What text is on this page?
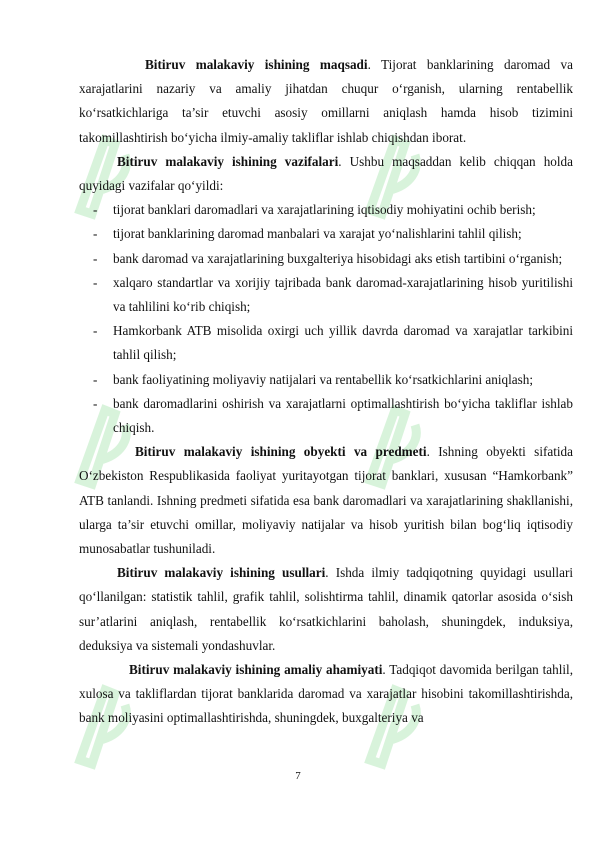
Bitiruv malakaviy ishining maqsadi. Tijorat banklarining daromad va xarajatlarini nazariy va amaliy jihatdan chuqur o‘rganish, ularning rentabellik ko‘rsatkichlariga ta’sir etuvchi asosiy omillarni aniqlash hamda hisob tizimini takomillashtirish bo‘yicha ilmiy-amaliy takliflar ishlab chiqishdan iborat.

Bitiruv malakaviy ishining vazifalari. Ushbu maqsaddan kelib chiqqan holda quyidagi vazifalar qo‘yildi:

- tijorat banklari daromadlari va xarajatlarining iqtisodiy mohiyatini ochib berish;
- tijorat banklarining daromad manbalari va xarajat yo‘nalishlarini tahlil qilish;
- bank daromad va xarajatlarining buxgalteriya hisobidagi aks etish tartibini o‘rganish;
- xalqaro standartlar va xorijiy tajribada bank daromad-xarajatlarining hisob yuritilishi va tahlilini ko‘rib chiqish;
- Hamkorbank ATB misolida oxirgi uch yillik davrda daromad va xarajatlar tarkibini tahlil qilish;
- bank faoliyatining moliyaviy natijalari va rentabellik ko‘rsatkichlarini aniqlash;
- bank daromadlarini oshirish va xarajatlarni optimallashtirish bo‘yicha takliflar ishlab chiqish.

Bitiruv malakaviy ishining obyekti va predmeti. Ishning obyekti sifatida O‘zbekiston Respublikasida faoliyat yuritayotgan tijorat banklari, xususan “Hamkorbank” ATB tanlandi. Ishning predmeti sifatida esa bank daromadlari va xarajatlarining shakllanishi, ularga ta’sir etuvchi omillar, moliyaviy natijalar va hisob yuritish bilan bog‘liq iqtisodiy munosabatlar tushuniladi.

Bitiruv malakaviy ishining usullari. Ishda ilmiy tadqiqotning quyidagi usullari qo‘llanilgan: statistik tahlil, grafik tahlil, solishtirma tahlil, dinamik qatorlar asosida o‘sish sur’atlarini aniqlash, rentabellik ko‘rsatkichlarini baholash, shuningdek, induksiya, deduksiya va sistemali yondashuvlar.

Bitiruv malakaviy ishining amaliy ahamiyati. Tadqiqot davomida berilgan tahlil, xulosa va takliflardan tijorat banklarida daromad va xarajatlar hisobini takomillashtirishda, bank moliyasini optimallashtirishda, shuningdek, buxgalteriya va

7
